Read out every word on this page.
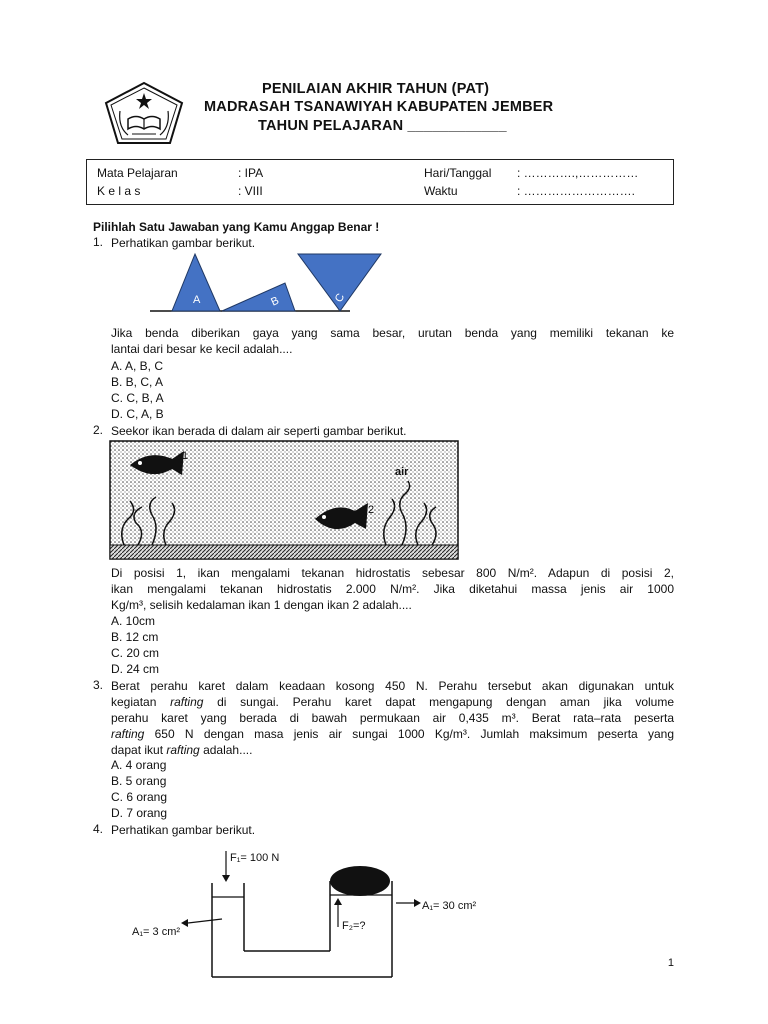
PENILAIAN AKHIR TAHUN (PAT)
MADRASAH TSANAWIYAH KABUPATEN JEMBER
TAHUN PELAJARAN ____________
Mata Pelajaran	: IPA	Hari/Tanggal : ………….,……………
K e l a s	: VIII	Waktu	: ……………………….
Pilihlah Satu Jawaban yang Kamu Anggap Benar !
1. Perhatikan gambar berikut.
A	B	C
Jika benda diberikan gaya yang sama besar, urutan benda yang memiliki tekanan ke
lantai dari besar ke kecil adalah....
A. A, B, C
B. B, C, A
C. C, B, A
D. C, A, B
2. Seekor ikan berada di dalam air seperti gambar berikut.
1
2
air
Di posisi 1, ikan mengalami tekanan hidrostatis sebesar 800 N/m². Adapun di posisi 2,
ikan mengalami tekanan hidrostatis 2.000 N/m². Jika diketahui massa jenis air 1000
Kg/m³, selisih kedalaman ikan 1 dengan ikan 2 adalah....
A. 10cm
B. 12 cm
C. 20 cm
D. 24 cm
3. Berat perahu karet dalam keadaan kosong 450 N. Perahu tersebut akan digunakan untuk
kegiatan rafting di sungai. Perahu karet dapat mengapung dengan aman jika volume
perahu karet yang berada di bawah permukaan air 0,435 m³. Berat rata–rata peserta
rafting 650 N dengan masa jenis air sungai 1000 Kg/m³. Jumlah maksimum peserta yang
dapat ikut rafting adalah....
A. 4 orang
B. 5 orang
C. 6 orang
D. 7 orang
4. Perhatikan gambar berikut.
F₁= 100 N
A₁= 3 cm²	F₂=?
A₁= 30 cm²
1
